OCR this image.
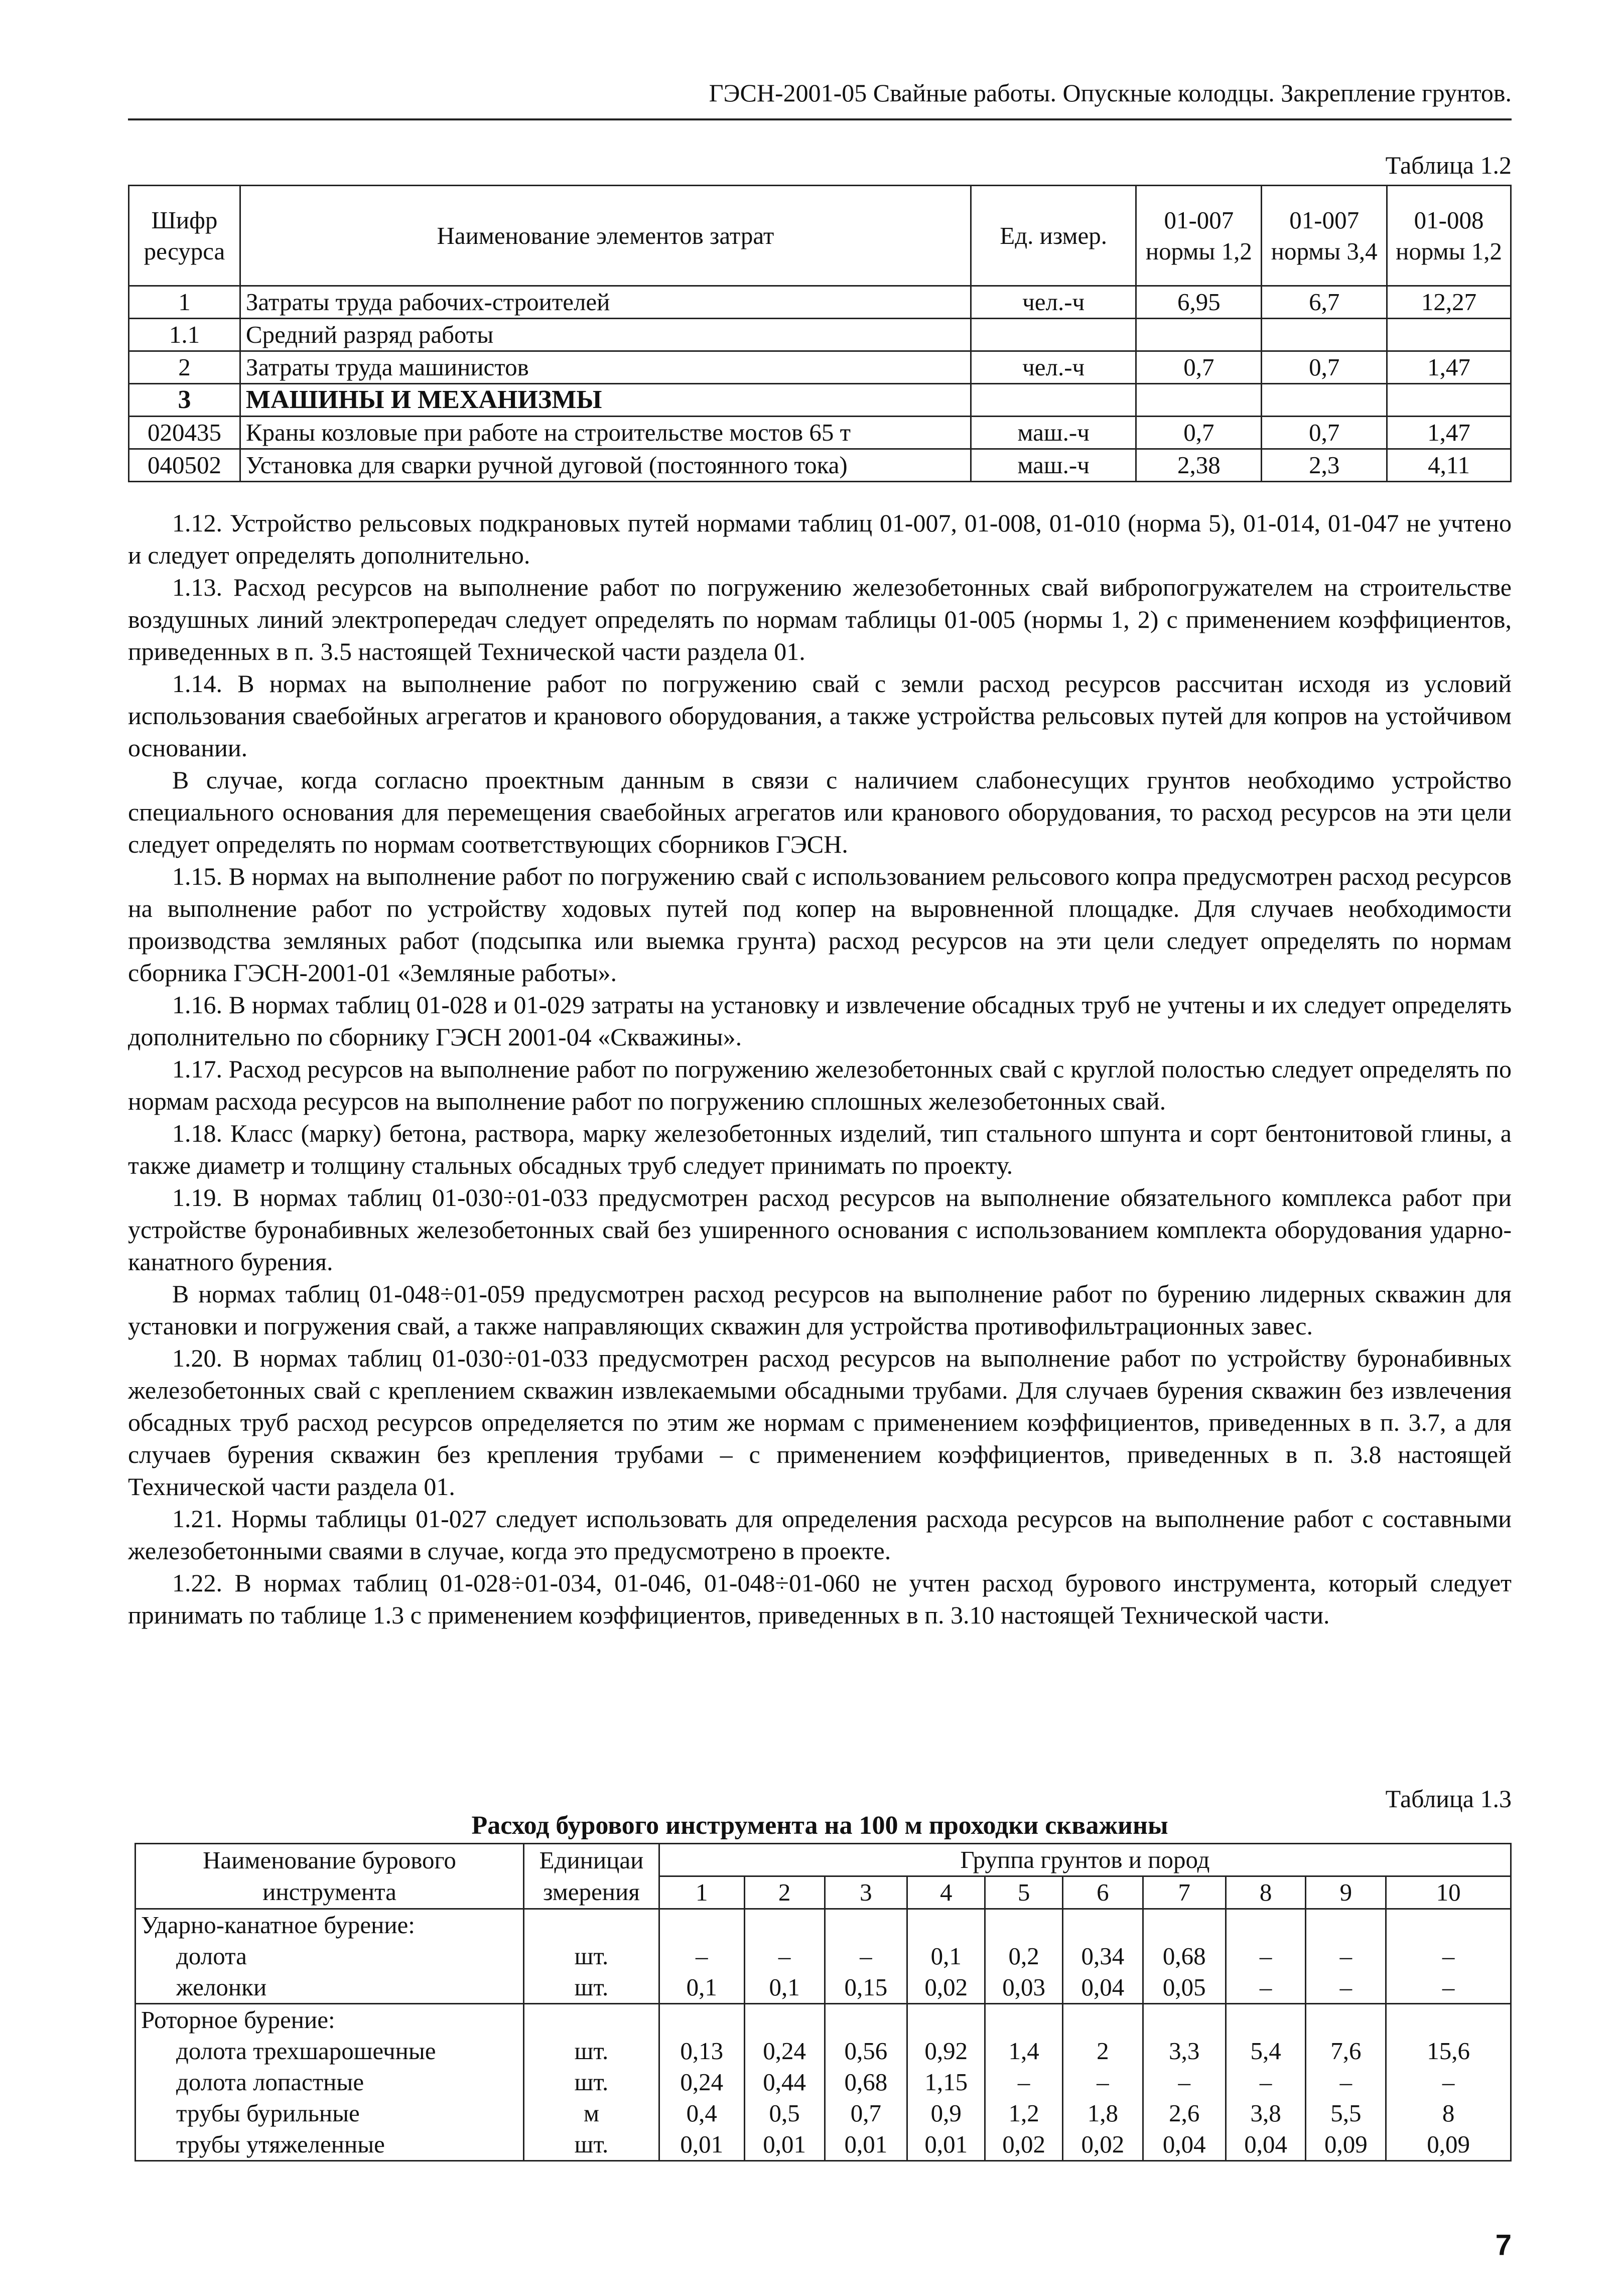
ГЭСН-2001-05 Свайные работы. Опускные колодцы. Закрепление грунтов.
Таблица 1.2
Шифр ресурса	Наименование элементов затрат	Ед. измер.	01-007 нормы 1,2	01-007 нормы 3,4	01-008 нормы 1,2
1	Затраты труда рабочих-строителей	чел.-ч	6,95	6,7	12,27
1.1	Средний разряд работы				
2	Затраты труда машинистов	чел.-ч	0,7	0,7	1,47
3	МАШИНЫ И МЕХАНИЗМЫ				
020435	Краны козловые при работе на строительстве мостов 65 т	маш.-ч	0,7	0,7	1,47
040502	Установка для сварки ручной дуговой (постоянного тока)	маш.-ч	2,38	2,3	4,11

1.12. Устройство рельсовых подкрановых путей нормами таблиц 01-007, 01-008, 01-010 (норма 5), 01-014, 01-047 не учтено и следует определять дополнительно.

1.13. Расход ресурсов на выполнение работ по погружению железобетонных свай вибропогружателем на строительстве воздушных линий электропередач следует определять по нормам таблицы 01-005 (нормы 1, 2) с применением коэффициентов, приведенных в п. 3.5 настоящей Технической части раздела 01.

1.14. В нормах на выполнение работ по погружению свай с земли расход ресурсов рассчитан исходя из условий использования сваебойных агрегатов и кранового оборудования, а также устройства рельсовых путей для копров на устойчивом основании.

В случае, когда согласно проектным данным в связи с наличием слабонесущих грунтов необходимо устройство специального основания для перемещения сваебойных агрегатов или кранового оборудования, то расход ресурсов на эти цели следует определять по нормам соответствующих сборников ГЭСН.

1.15. В нормах на выполнение работ по погружению свай с использованием рельсового копра предусмотрен расход ресурсов на выполнение работ по устройству ходовых путей под копер на выровненной площадке. Для случаев необходимости производства земляных работ (подсыпка или выемка грунта) расход ресурсов на эти цели следует определять по нормам сборника ГЭСН-2001-01 «Земляные работы».

1.16. В нормах таблиц 01-028 и 01-029 затраты на установку и извлечение обсадных труб не учтены и их следует определять дополнительно по сборнику ГЭСН 2001-04 «Скважины».

1.17. Расход ресурсов на выполнение работ по погружению железобетонных свай с круглой полостью следует определять по нормам расхода ресурсов на выполнение работ по погружению сплошных железобетонных свай.

1.18. Класс (марку) бетона, раствора, марку железобетонных изделий, тип стального шпунта и сорт бентонитовой глины, а также диаметр и толщину стальных обсадных труб следует принимать по проекту.

1.19. В нормах таблиц 01-030÷01-033 предусмотрен расход ресурсов на выполнение обязательного комплекса работ при устройстве буронабивных железобетонных свай без уширенного основания с использованием комплекта оборудования ударно-канатного бурения.

В нормах таблиц 01-048÷01-059 предусмотрен расход ресурсов на выполнение работ по бурению лидерных скважин для установки и погружения свай, а также направляющих скважин для устройства противофильтрационных завес.

1.20. В нормах таблиц 01-030÷01-033 предусмотрен расход ресурсов на выполнение работ по устройству буронабивных железобетонных свай с креплением скважин извлекаемыми обсадными трубами. Для случаев бурения скважин без извлечения обсадных труб расход ресурсов определяется по этим же нормам с применением коэффициентов, приведенных в п. 3.7, а для случаев бурения скважин без крепления трубами – с применением коэффициентов, приведенных в п. 3.8 настоящей Технической части раздела 01.

1.21. Нормы таблицы 01-027 следует использовать для определения расхода ресурсов на выполнение работ с составными железобетонными сваями в случае, когда это предусмотрено в проекте.

1.22. В нормах таблиц 01-028÷01-034, 01-046, 01-048÷01-060 не учтен расход бурового инструмента, который следует принимать по таблице 1.3 с применением коэффициентов, приведенных в п. 3.10 настоящей Технической части.

Таблица 1.3
Расход бурового инструмента на 100 м проходки скважины
Наименование бурового	Единицаи	Группа грунтов и пород									
инструмента	змерения	1	2	3	4	5	6	7	8	9	10
Ударно-канатное бурение:											
долота	шт.	–	–	–	0,1	0,2	0,34	0,68	–	–	–
желонки	шт.	0,1	0,1	0,15	0,02	0,03	0,04	0,05	–	–	–
Роторное бурение:											
долота трехшарошечные	шт.	0,13	0,24	0,56	0,92	1,4	2	3,3	5,4	7,6	15,6
долота лопастные	шт.	0,24	0,44	0,68	1,15	–	–	–	–	–	–
трубы бурильные	м	0,4	0,5	0,7	0,9	1,2	1,8	2,6	3,8	5,5	8
трубы утяжеленные	шт.	0,01	0,01	0,01	0,01	0,02	0,02	0,04	0,04	0,09	0,09
7
